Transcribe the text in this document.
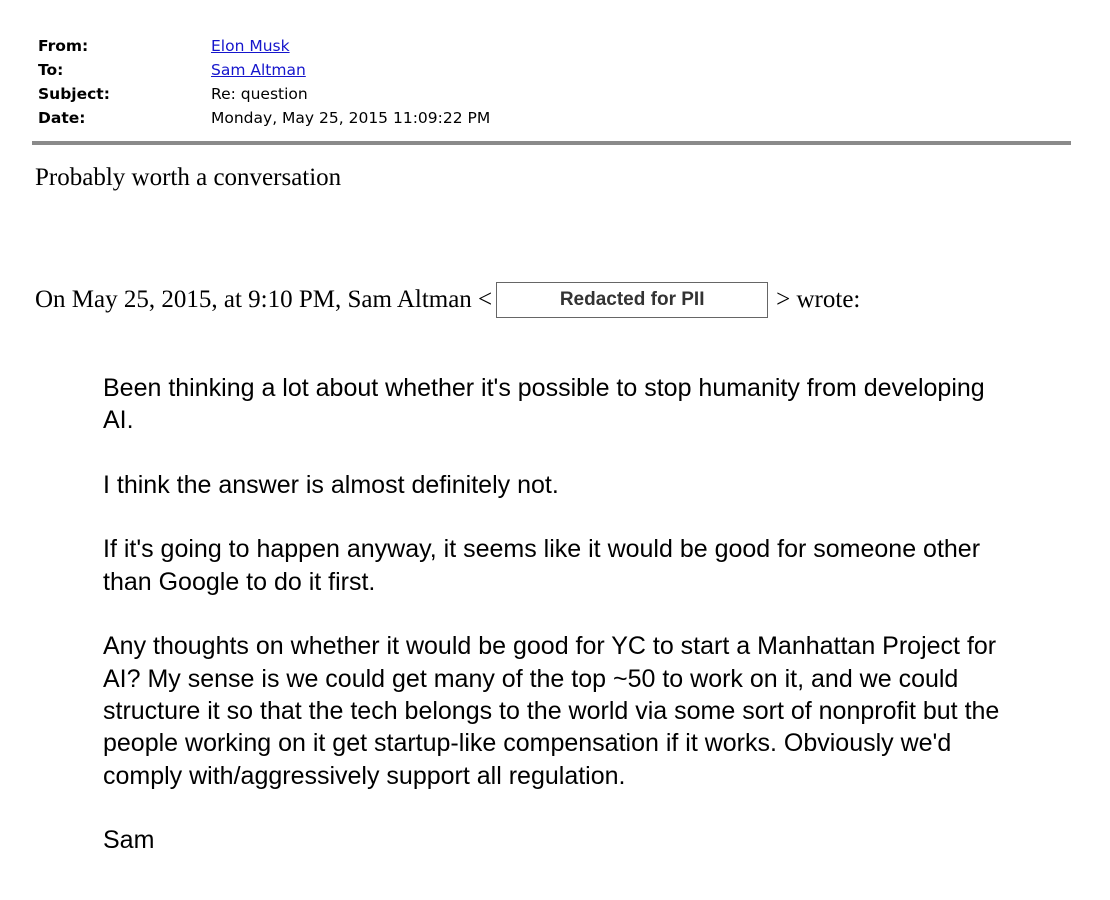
From:	Elon Musk
To:	Sam Altman
Subject:	Re: question
Date:	Monday, May 25, 2015 11:09:22 PM
Probably worth a conversation
On May 25, 2015, at 9:10 PM, Sam Altman <	Redacted for PII	> wrote:

Been thinking a lot about whether it's possible to stop humanity from developing AI.

I think the answer is almost definitely not.

If it's going to happen anyway, it seems like it would be good for someone other than Google to do it first.

Any thoughts on whether it would be good for YC to start a Manhattan Project for AI? My sense is we could get many of the top ~50 to work on it, and we could structure it so that the tech belongs to the world via some sort of nonprofit but the people working on it get startup-like compensation if it works. Obviously we'd comply with/aggressively support all regulation.

Sam
